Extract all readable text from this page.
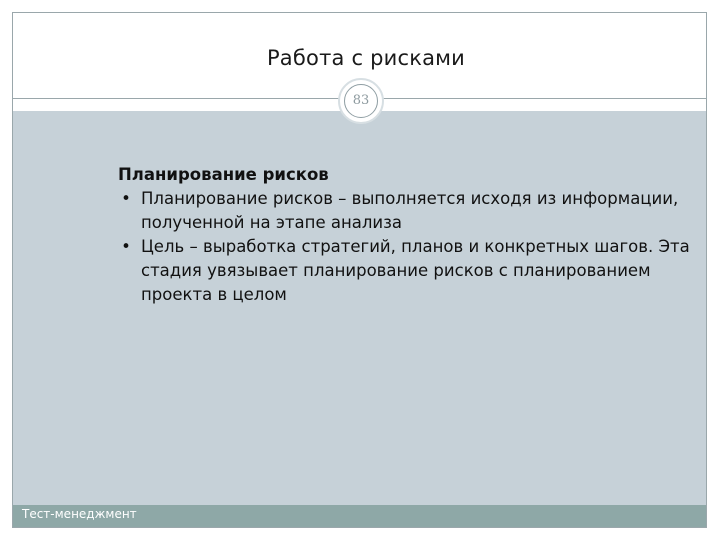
Работа с рисками
83
Планирование рисков
• Планирование рисков – выполняется исходя из информации, полученной на этапе анализа
• Цель – выработка стратегий, планов и конкретных шагов. Эта стадия увязывает планирование рисков с планированием проекта в целом
Тест-менеджмент
